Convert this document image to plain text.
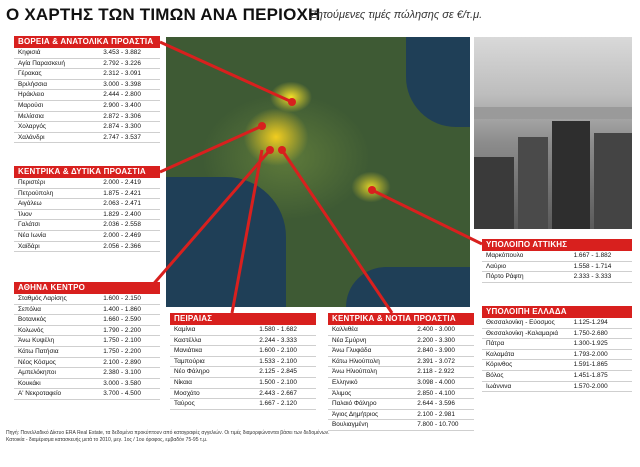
Ο ΧΑΡΤΗΣ ΤΩΝ ΤΙΜΩΝ ΑΝΑ ΠΕΡΙΟΧΗ
Ζητούμενες τιμές πώλησης σε €/τ.μ.
ΒΟΡΕΙΑ & ΑΝΑΤΟΛΙΚΑ ΠΡΟΑΣΤΙΑ
Κηφισιά	3.453 - 3.882
Αγία Παρασκευή	2.792 - 3.226
Γέρακας	2.312 - 3.091
Βριλήσσια	3.000 - 3.398
Ηράκλειο	2.444 - 2.800
Μαρούσι	2.900 - 3.400
Μελίσσια	2.872 - 3.306
Χολαργός	2.874 - 3.300
Χαλάνδρι	2.747 - 3.537
ΚΕΝΤΡΙΚΑ & ΔΥΤΙΚΑ ΠΡΟΑΣΤΙΑ
Περιστέρι	2.000 - 2.419
Πετρούπολη	1.875 - 2.421
Αιγάλεω	2.063 - 2.471
Ίλιον	1.829 - 2.400
Γαλάτσι	2.036 - 2.558
Νέα Ιωνία	2.000 - 2.469
Χαϊδάρι	2.056 - 2.366
ΑΘΗΝΑ ΚΕΝΤΡΟ
Σταθμός Λαρίσης	1.600 - 2.150
Σεπόλια	1.400 - 1.860
Βοτανικός	1.660 - 2.590
Κολωνός	1.790 - 2.200
Άνω Κυψέλη	1.750 - 2.100
Κάτω Πατήσια	1.750 - 2.200
Νέος Κόσμος	2.100 - 2.890
Αμπελόκηποι	2.380 - 3.100
Κουκάκι	3.000 - 3.580
Α' Νεκροταφείο	3.700 - 4.500
ΠΕΙΡΑΙΑΣ
Καμίνια	1.580 - 1.682
Καστέλλα	2.244 - 3.333
Μανιάτικα	1.600 - 2.100
Ταμπούρια	1.533 - 2.100
Νέο Φάληρο	2.125 - 2.845
Νίκαια	1.500 - 2.100
Μοσχάτο	2.443 - 2.667
Ταύρος	1.667 - 2.120
ΚΕΝΤΡΙΚΑ & ΝΟΤΙΑ ΠΡΟΑΣΤΙΑ
Καλλιθέα	2.400 - 3.000
Νέα Σμύρνη	2.200 - 3.300
Άνω Γλυφάδα	2.840 - 3.900
Κάτω Ηλιούπολη	2.391 - 3.072
Άνω Ηλιούπολη	2.118 - 2.922
Ελληνικό	3.098 - 4.000
Άλιμος	2.850 - 4.100
Παλαιό Φάληρο	2.644 - 3.596
Άγιος Δημήτριος	2.100 - 2.981
Βουλιαγμένη	7.800 - 10.700
ΥΠΟΛΟΙΠΟ ΑΤΤΙΚΗΣ
Μαρκόπουλο	1.667 - 1.882
Λαύριο	1.558 - 1.714
Πόρτο Ράφτη	2.333 - 3.333
ΥΠΟΛΟΙΠΗ ΕΛΛΑΔΑ
Θεσσαλονίκη - Εύοσμος	1.125-1.294
Θεσσαλονίκη -Καλαμαριά	1.750-2.680
Πάτρα	1.300-1.925
Καλαμάτα	1.793-2.000
Κόρινθος	1.591-1.865
Βόλος	1.451-1.875
Ιωάννινα	1.570-2.000
Πηγή: Πανελλαδικό Δίκτυο ERA Real Estate, τα δεδομένα προκύπτουν από καταγραφές αγγελιών. Οι τιμές διαμορφώνονται βάσει των δεδομένων. Κατοικία - διαμέρισμα κατασκευής μετά το 2010, μεγ. 1ος / 1ου όροφος, εμβαδόν 75-95 τ.μ.
